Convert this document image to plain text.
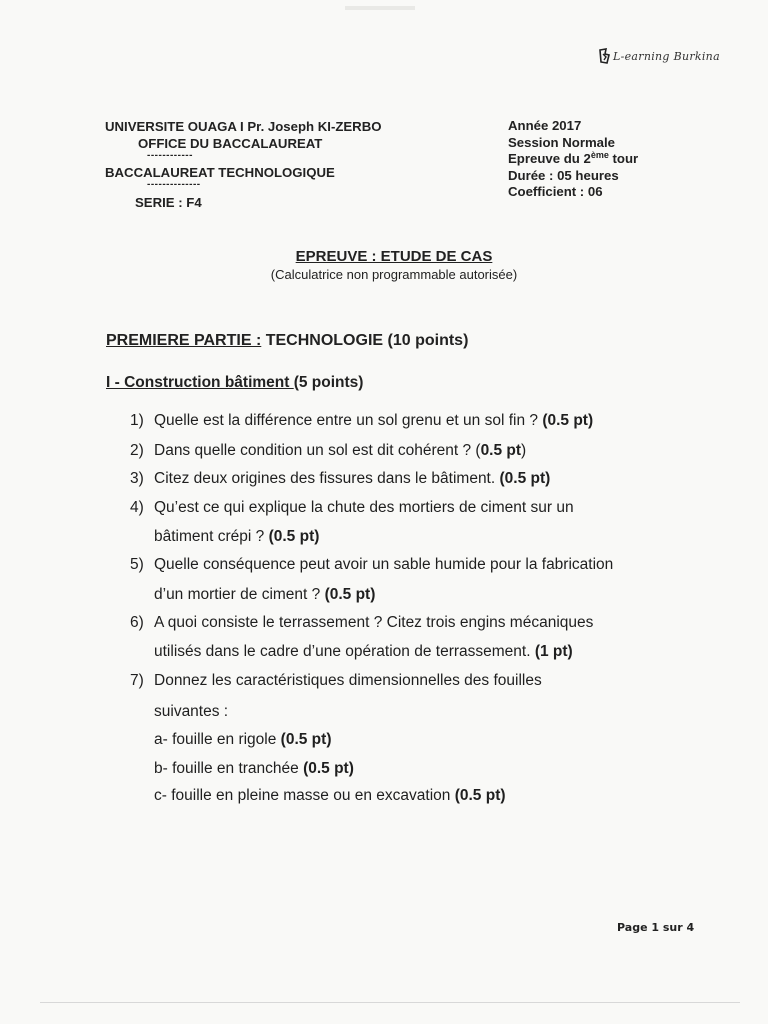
L-earning Burkina
UNIVERSITE OUAGA I Pr. Joseph KI-ZERBO
OFFICE DU BACCALAUREAT
------------
BACCALAUREAT TECHNOLOGIQUE
--------------
SERIE : F4
Année 2017
Session Normale
Epreuve du 2ème tour
Durée : 05 heures
Coefficient : 06
EPREUVE : ETUDE DE CAS
(Calculatrice non programmable autorisée)
PREMIERE PARTIE : TECHNOLOGIE (10 points)
I - Construction bâtiment (5 points)
1) Quelle est la différence entre un sol grenu et un sol fin ? (0.5 pt)
2) Dans quelle condition un sol est dit cohérent ? (0.5 pt)
3) Citez deux origines des fissures dans le bâtiment. (0.5 pt)
4) Qu’est ce qui explique la chute des mortiers de ciment sur un
bâtiment crépi ? (0.5 pt)
5) Quelle conséquence peut avoir un sable humide pour la fabrication
d’un mortier de ciment ? (0.5 pt)
6) A quoi consiste le terrassement ? Citez trois engins mécaniques
utilisés dans le cadre d’une opération de terrassement. (1 pt)
7) Donnez les caractéristiques dimensionnelles des fouilles
suivantes :
a- fouille en rigole (0.5 pt)
b- fouille en tranchée (0.5 pt)
c- fouille en pleine masse ou en excavation (0.5 pt)
Page 1 sur 4
